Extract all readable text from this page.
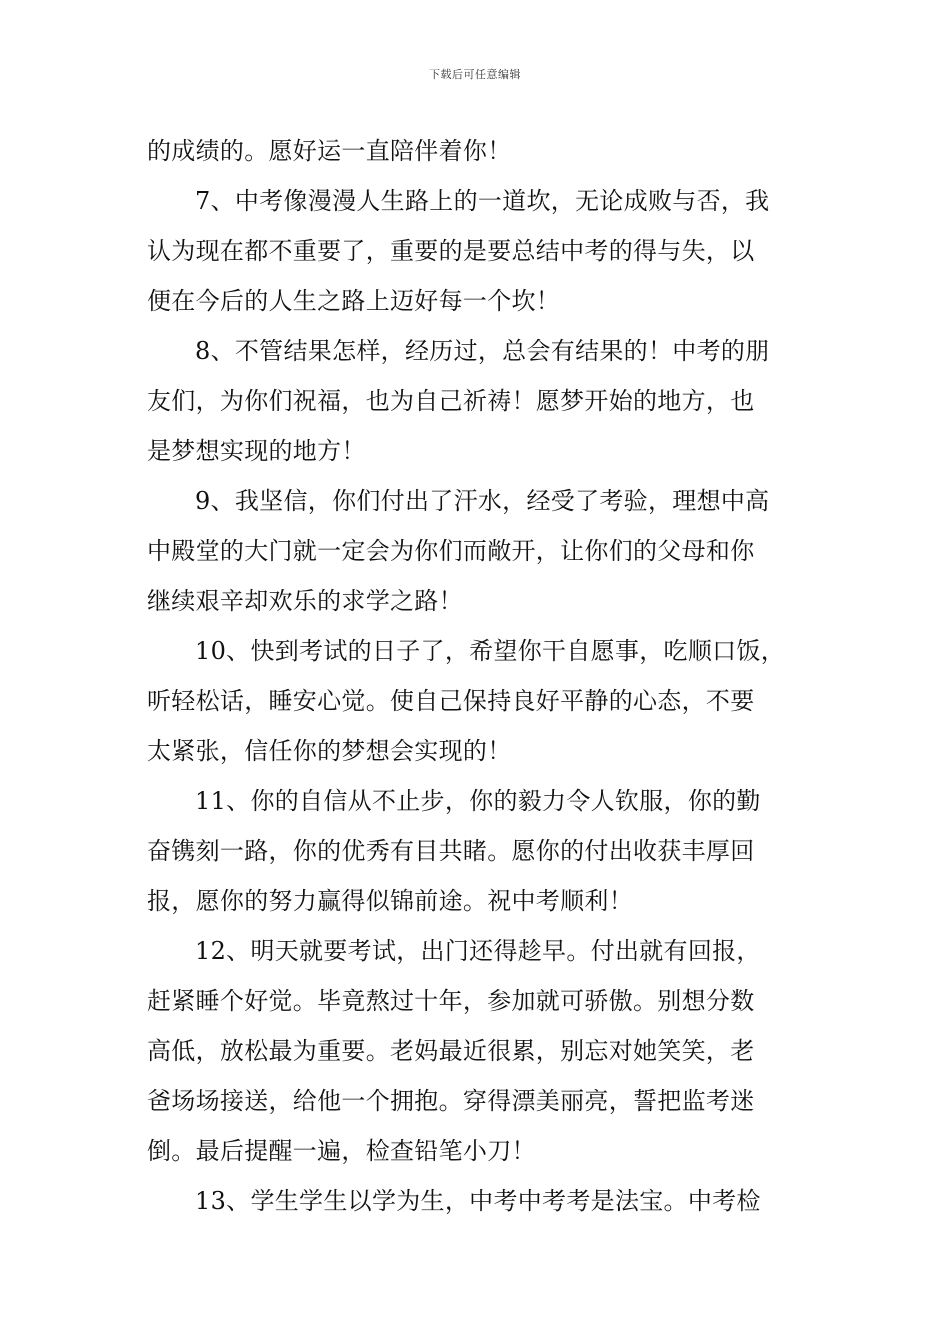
下载后可任意编辑
的成绩的。愿好运一直陪伴着你！
7、中考像漫漫人生路上的一道坎，无论成败与否，我
认为现在都不重要了，重要的是要总结中考的得与失，以
便在今后的人生之路上迈好每一个坎！
8、不管结果怎样，经历过，总会有结果的！中考的朋
友们，为你们祝福，也为自己祈祷！愿梦开始的地方，也
是梦想实现的地方！
9、我坚信，你们付出了汗水，经受了考验，理想中高
中殿堂的大门就一定会为你们而敞开，让你们的父母和你
继续艰辛却欢乐的求学之路！
10、快到考试的日子了，希望你干自愿事，吃顺口饭，
听轻松话，睡安心觉。使自己保持良好平静的心态，不要
太紧张，信任你的梦想会实现的！
11、你的自信从不止步，你的毅力令人钦服，你的勤
奋镌刻一路，你的优秀有目共睹。愿你的付出收获丰厚回
报，愿你的努力赢得似锦前途。祝中考顺利！
12、明天就要考试，出门还得趁早。付出就有回报，
赶紧睡个好觉。毕竟熬过十年，参加就可骄傲。别想分数
高低，放松最为重要。老妈最近很累，别忘对她笑笑，老
爸场场接送，给他一个拥抱。穿得漂美丽亮，誓把监考迷
倒。最后提醒一遍，检查铅笔小刀！
13、学生学生以学为生，中考中考考是法宝。中考检
